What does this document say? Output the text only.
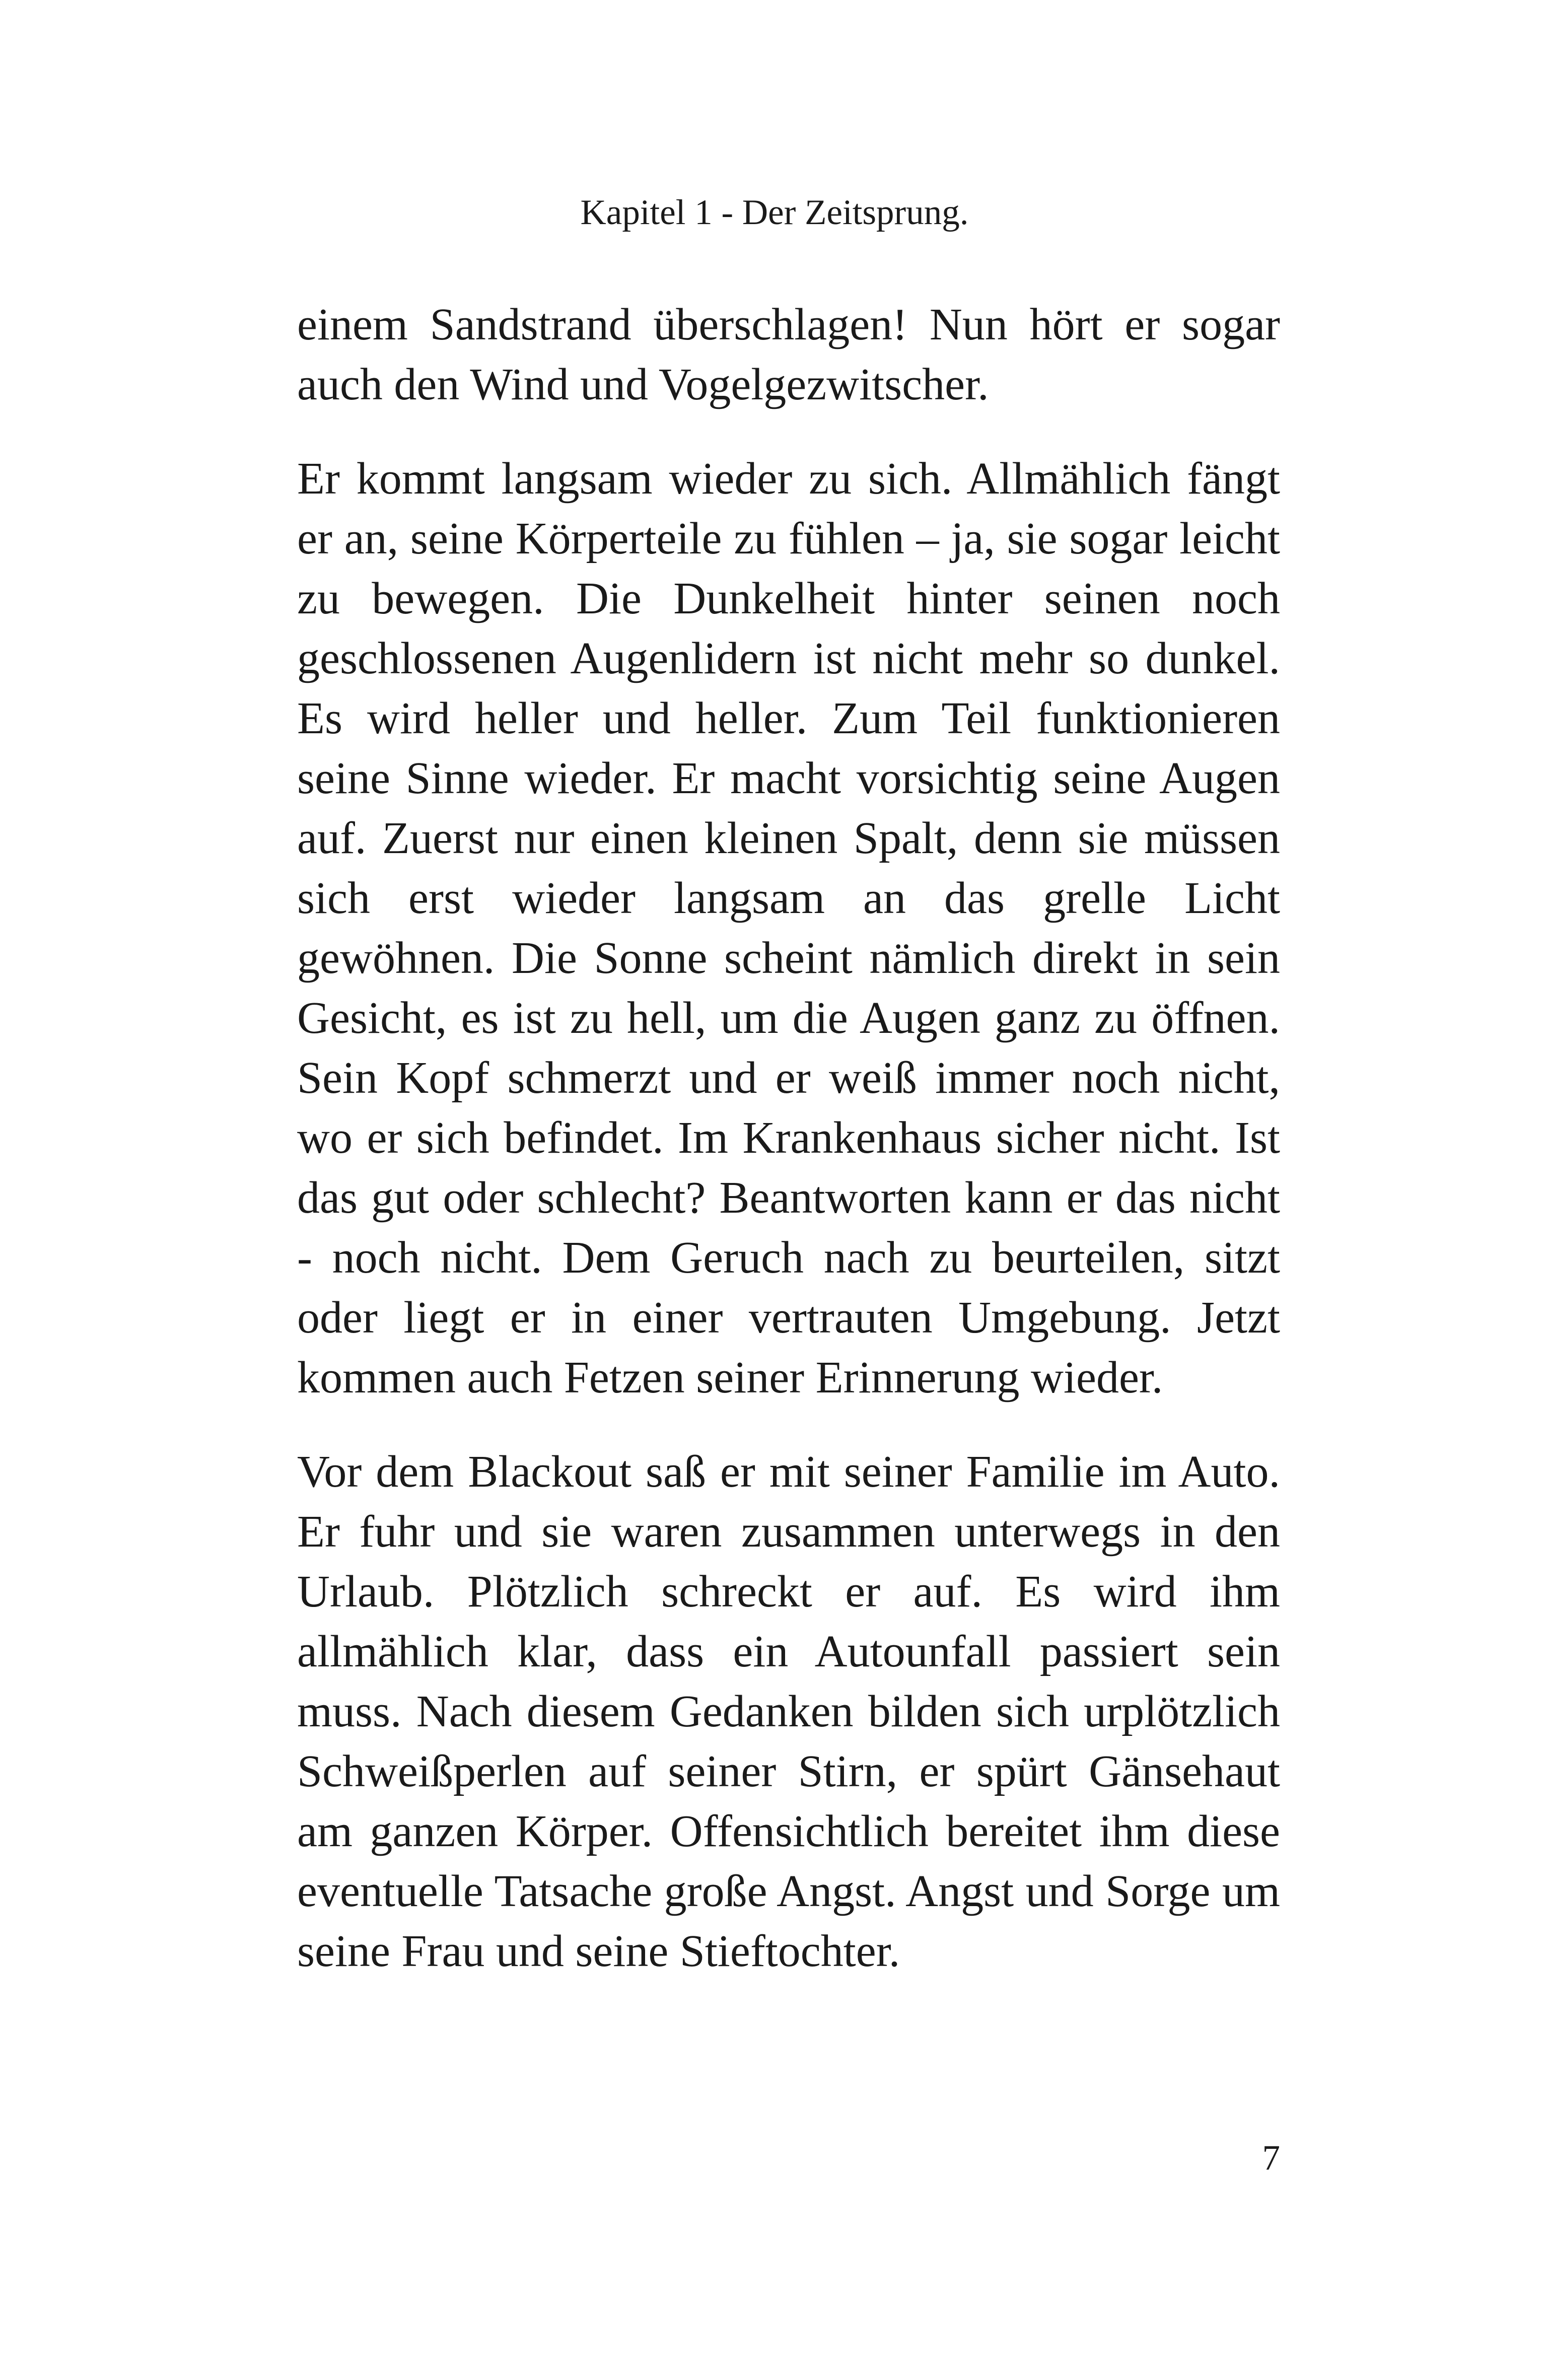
Kapitel 1 - Der Zeitsprung.

einem Sandstrand überschlagen! Nun hört er sogar auch den Wind und Vogelgezwitscher.

Er kommt langsam wieder zu sich. Allmählich fängt er an, seine Körperteile zu fühlen – ja, sie sogar leicht zu bewegen. Die Dunkelheit hinter seinen noch geschlossenen Augenlidern ist nicht mehr so dunkel. Es wird heller und heller. Zum Teil funktionieren seine Sinne wieder. Er macht vorsichtig seine Augen auf. Zuerst nur einen kleinen Spalt, denn sie müssen sich erst wieder langsam an das grelle Licht gewöhnen. Die Sonne scheint nämlich direkt in sein Gesicht, es ist zu hell, um die Augen ganz zu öffnen. Sein Kopf schmerzt und er weiß immer noch nicht, wo er sich befindet. Im Krankenhaus sicher nicht. Ist das gut oder schlecht? Beantworten kann er das nicht - noch nicht. Dem Geruch nach zu beurteilen, sitzt oder liegt er in einer vertrauten Umgebung. Jetzt kommen auch Fetzen seiner Erinnerung wieder.

Vor dem Blackout saß er mit seiner Familie im Auto. Er fuhr und sie waren zusammen unterwegs in den Urlaub. Plötzlich schreckt er auf. Es wird ihm allmählich klar, dass ein Autounfall passiert sein muss. Nach diesem Gedanken bilden sich urplötzlich Schweißperlen auf seiner Stirn, er spürt Gänsehaut am ganzen Körper. Offensichtlich bereitet ihm diese eventuelle Tatsache große Angst. Angst und Sorge um seine Frau und seine Stieftochter.

7
